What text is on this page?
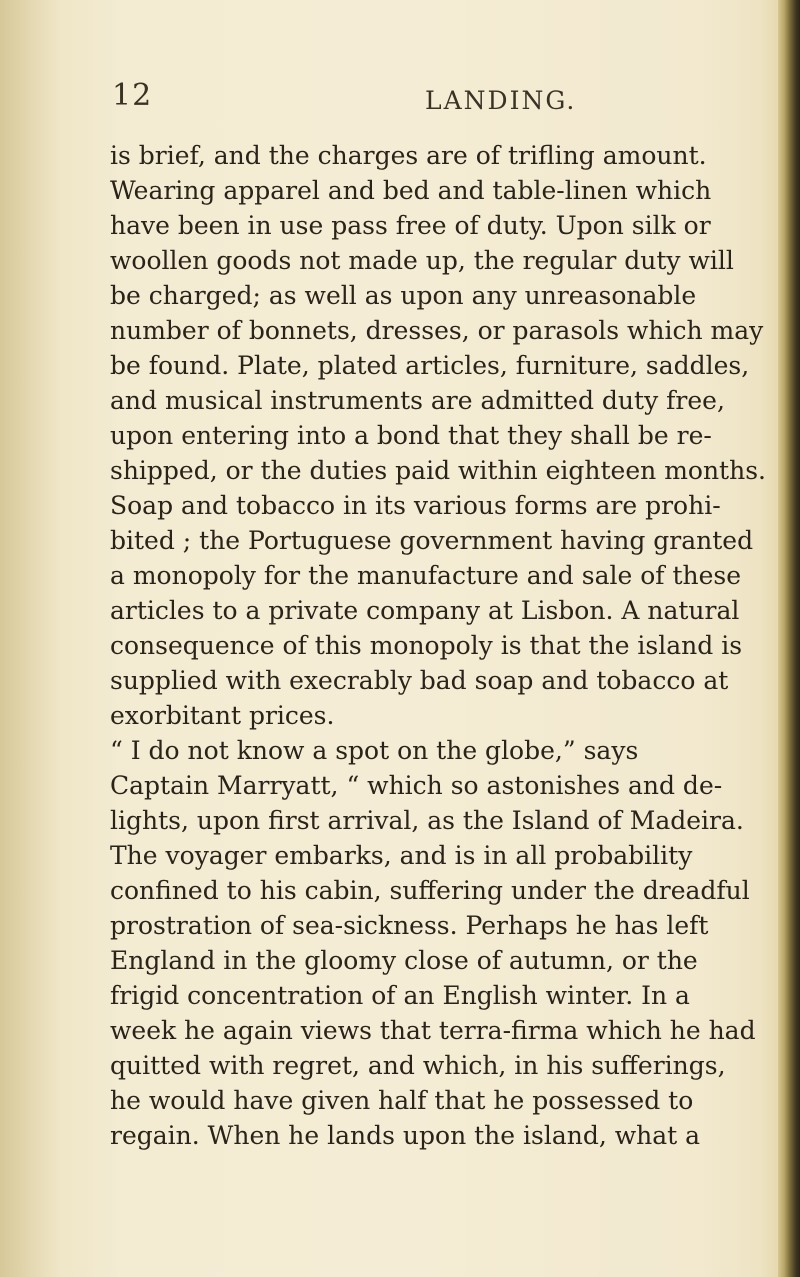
12	LANDING.
is brief, and the charges are of trifling amount.
Wearing apparel and bed and table-linen which
have been in use pass free of duty. Upon silk or
woollen goods not made up, the regular duty will
be charged; as well as upon any unreasonable
number of bonnets, dresses, or parasols which may
be found. Plate, plated articles, furniture, saddles,
and musical instruments are admitted duty free,
upon entering into a bond that they shall be re-
shipped, or the duties paid within eighteen months.
Soap and tobacco in its various forms are prohi-
bited ; the Portuguese government having granted
a monopoly for the manufacture and sale of these
articles to a private company at Lisbon. A natural
consequence of this monopoly is that the island is
supplied with execrably bad soap and tobacco at
exorbitant prices.
“ I do not know a spot on the globe,” says
Captain Marryatt, “ which so astonishes and de-
lights, upon first arrival, as the Island of Madeira.
The voyager embarks, and is in all probability
confined to his cabin, suffering under the dreadful
prostration of sea-sickness. Perhaps he has left
England in the gloomy close of autumn, or the
frigid concentration of an English winter. In a
week he again views that terra-firma which he had
quitted with regret, and which, in his sufferings,
he would have given half that he possessed to
regain. When he lands upon the island, what a
